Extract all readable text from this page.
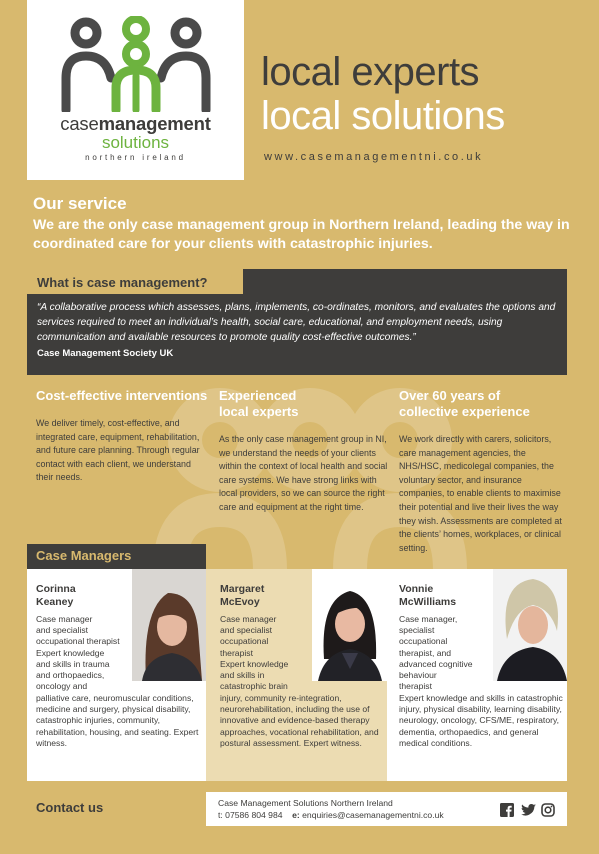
casemanagement
solutions
northern ireland
local experts
local solutions
www.casemanagementni.co.uk
Our service
We are the only case management group in Northern Ireland, leading the way in coordinated care for your clients with catastrophic injuries.
What is case management?
“A collaborative process which assesses, plans, implements, co-ordinates, monitors, and evaluates the options and services required to meet an individual’s health, social care, educational, and employment needs, using communication and available resources to promote quality cost-effective outcomes.”
Case Management Society UK
Cost-effective interventions
We deliver timely, cost-effective, and integrated care, equipment, rehabilitation, and future care planning. Through regular contact with each client, we understand their needs.
Experienced local experts
As the only case management group in NI, we understand the needs of your clients within the context of local health and social care systems. We have strong links with local providers, so we can source the right care and equipment at the right time.
Over 60 years of collective experience
We work directly with carers, solicitors, care management agencies, the NHS/HSC, medicolegal companies, the voluntary sector, and insurance companies, to enable clients to maximise their potential and live their lives the way they wish. Assessments are completed at the clients’ homes, workplaces, or clinical setting.
Case Managers
Corinna
Keaney
Case manager
and specialist
occupational therapist
Expert knowledge
and skills in trauma
and orthopaedics,
oncology and
palliative care, neuromuscular conditions, medicine and surgery, physical disability, catastrophic injuries, community, rehabilitation, housing, and seating. Expert witness.
Margaret
McEvoy
Case manager
and specialist
occupational
therapist
Expert knowledge
and skills in
catastrophic brain
injury, community re-integration, neurorehabilitation, including the use of innovative and evidence-based therapy approaches, vocational rehabilitation, and postural assessment. Expert witness.
Vonnie
McWilliams
Case manager,
specialist
occupational
therapist, and
advanced cognitive
behaviour
therapist
Expert knowledge and skills in catastrophic injury, physical disability, learning disability, neurology, oncology, CFS/ME, respiratory, dementia, orthopaedics, and general medical conditions.
Contact us	Case Management Solutions Northern Ireland
t: 07586 804 984 e: enquiries@casemanagementni.co.uk
